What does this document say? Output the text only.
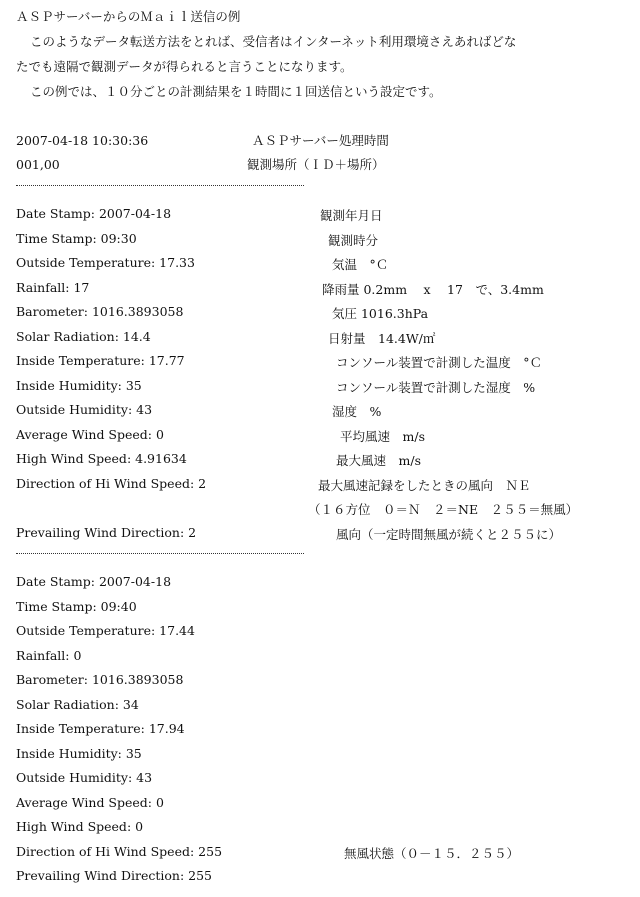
ＡＳＰサーバーからのＭａｉｌ送信の例
このようなデータ転送方法をとれば、受信者はインターネット利用環境さえあればどな
たでも遠隔で観測データが得られると言うことになります。
この例では、１０分ごとの計測結果を１時間に１回送信という設定です。
2007-04-18 10:30:36	ＡＳＰサーバー処理時間
001,00	観測場所（ＩＤ＋場所）
Date Stamp: 2007-04-18	観測年月日
Time Stamp: 09:30	観測時分
Outside Temperature: 17.33	気温　°Ｃ
Rainfall: 17	降雨量 0.2mm　 x　 17　で、3.4mm
Barometer: 1016.3893058	気圧 1016.3hPa
Solar Radiation: 14.4	日射量　14.4W/㎡
Inside Temperature: 17.77	コンソール装置で計測した温度　°Ｃ
Inside Humidity: 35	コンソール装置で計測した湿度　%
Outside Humidity: 43	湿度　%
Average Wind Speed: 0	平均風速　m/s
High Wind Speed: 4.91634	最大風速　m/s
Direction of Hi Wind Speed: 2	最大風速記録をしたときの風向　ＮＥ
（１６方位　０＝Ｎ　２＝NE　２５５＝無風）
Prevailing Wind Direction: 2	風向（一定時間無風が続くと２５５に）
Date Stamp: 2007-04-18
Time Stamp: 09:40
Outside Temperature: 17.44
Rainfall: 0
Barometer: 1016.3893058
Solar Radiation: 34
Inside Temperature: 17.94
Inside Humidity: 35
Outside Humidity: 43
Average Wind Speed: 0
High Wind Speed: 0
Direction of Hi Wind Speed: 255	無風状態（０－１５．２５５）
Prevailing Wind Direction: 255
